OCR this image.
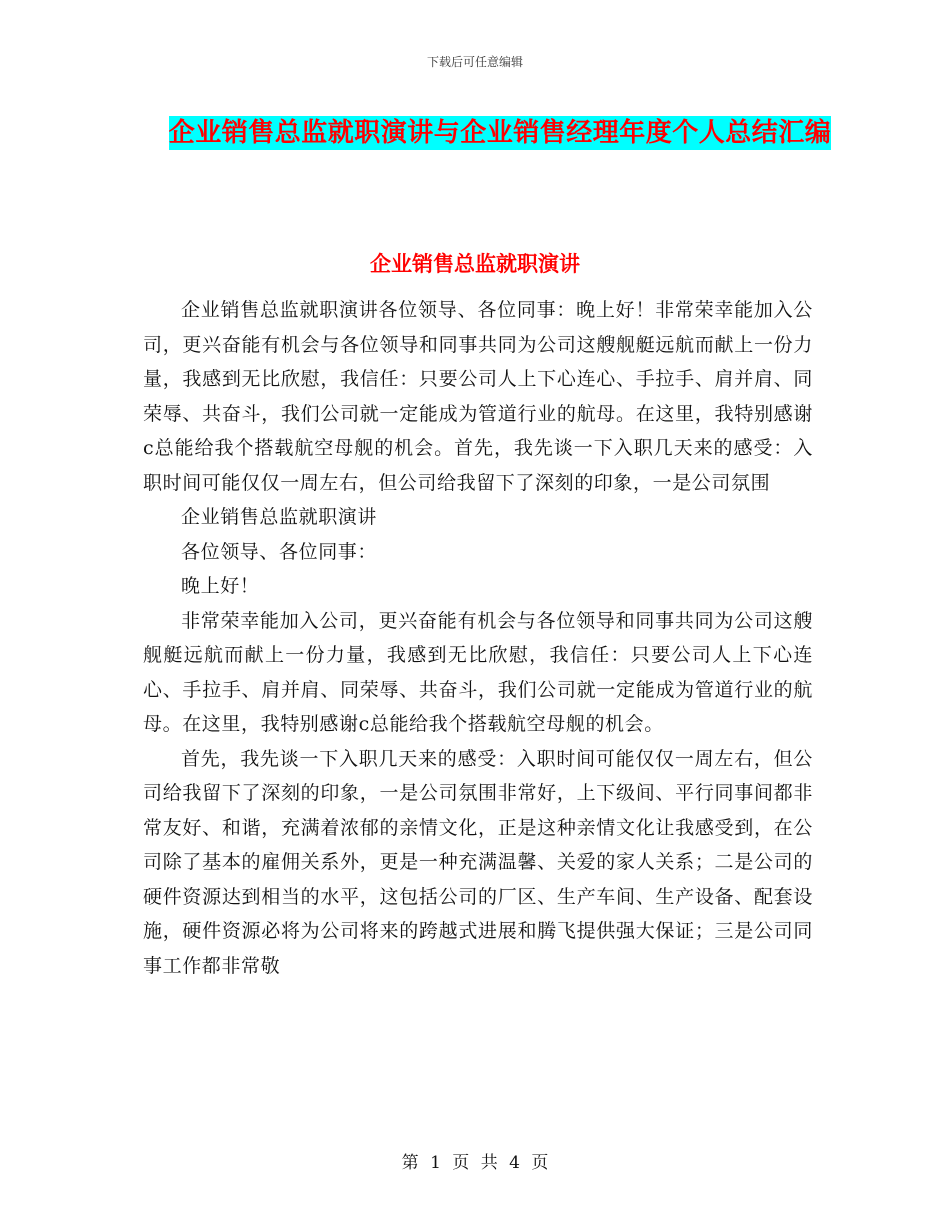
下载后可任意编辑
企业销售总监就职演讲与企业销售经理年度个人总结汇编
企业销售总监就职演讲

企业销售总监就职演讲各位领导、各位同事：晚上好！非常荣幸能加入公司，更兴奋能有机会与各位领导和同事共同为公司这艘舰艇远航而献上一份力量，我感到无比欣慰，我信任：只要公司人上下心连心、手拉手、肩并肩、同荣辱、共奋斗，我们公司就一定能成为管道行业的航母。在这里，我特别感谢c总能给我个搭载航空母舰的机会。首先，我先谈一下入职几天来的感受：入职时间可能仅仅一周左右，但公司给我留下了深刻的印象，一是公司氛围

企业销售总监就职演讲

各位领导、各位同事：

晚上好！

非常荣幸能加入公司，更兴奋能有机会与各位领导和同事共同为公司这艘舰艇远航而献上一份力量，我感到无比欣慰，我信任：只要公司人上下心连心、手拉手、肩并肩、同荣辱、共奋斗，我们公司就一定能成为管道行业的航母。在这里，我特别感谢c总能给我个搭载航空母舰的机会。

首先，我先谈一下入职几天来的感受：入职时间可能仅仅一周左右，但公司给我留下了深刻的印象，一是公司氛围非常好，上下级间、平行同事间都非常友好、和谐，充满着浓郁的亲情文化，正是这种亲情文化让我感受到，在公司除了基本的雇佣关系外，更是一种充满温馨、关爱的家人关系；二是公司的硬件资源达到相当的水平，这包括公司的厂区、生产车间、生产设备、配套设施，硬件资源必将为公司将来的跨越式进展和腾飞提供强大保证；三是公司同事工作都非常敬

第 1 页 共 4 页
